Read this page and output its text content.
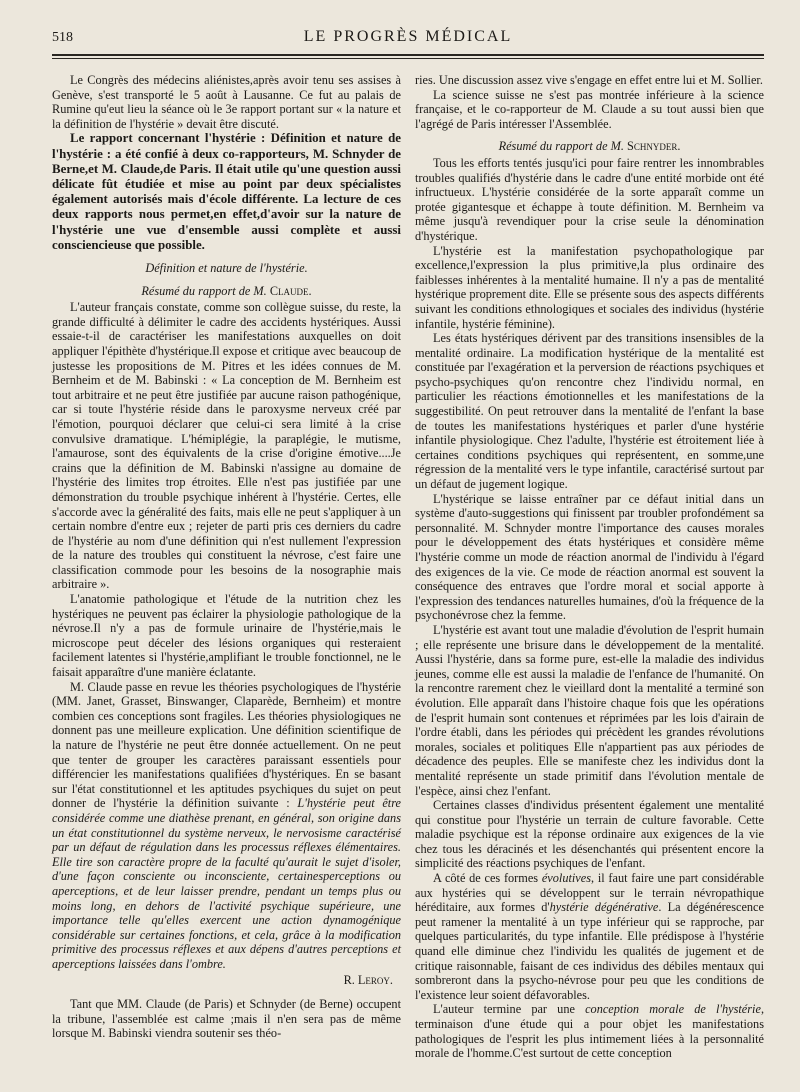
518	LE PROGRÈS MÉDICAL

Le Congrès des médecins aliénistes,après avoir tenu ses assises à Genève, s'est transporté le 5 août à Lausanne. Ce fut au palais de Rumine qu'eut lieu la séance où le 3e rapport portant sur « la nature et la définition de l'hystérie » devait être discuté.

Le rapport concernant l'hystérie : Définition et nature de l'hystérie : a été confié à deux co-rapporteurs, M. Schnyder de Berne,et M. Claude,de Paris. Il était utile qu'une question aussi délicate fût étudiée et mise au point par deux spécialistes également autorisés mais d'école différente. La lecture de ces deux rapports nous permet,en effet,d'avoir sur la nature de l'hystérie une vue d'ensemble aussi complète et aussi consciencieuse que possible.

Définition et nature de l'hystérie.
Résumé du rapport de M. Claude.

L'auteur français constate, comme son collègue suisse, du reste, la grande difficulté à délimiter le cadre des accidents hystériques. Aussi essaie-t-il de caractériser les manifestations auxquelles on doit appliquer l'épithète d'hystérique.Il expose et critique avec beaucoup de justesse les propositions de M. Pitres et les idées connues de M. Bernheim et de M. Babinski : « La conception de M. Bernheim est tout arbitraire et ne peut être justifiée par aucune raison pathogénique, car si toute l'hystérie réside dans le paroxysme nerveux créé par l'émotion, pourquoi déclarer que celui-ci sera limité à la crise convulsive dramatique. L'hémiplégie, la paraplégie, le mutisme, l'amaurose, sont des équivalents de la crise d'origine émotive....Je crains que la définition de M. Babinski n'assigne au domaine de l'hystérie des limites trop étroites. Elle n'est pas justifiée par une démonstration du trouble psychique inhérent à l'hystérie. Certes, elle s'accorde avec la généralité des faits, mais elle ne peut s'appliquer à un certain nombre d'entre eux ; rejeter de parti pris ces derniers du cadre de l'hystérie au nom d'une définition qui n'est nullement l'expression de la nature des troubles qui constituent la névrose, c'est faire une classification commode pour les besoins de la nosographie mais arbitraire ».

L'anatomie pathologique et l'étude de la nutrition chez les hystériques ne peuvent pas éclairer la physiologie pathologique de la névrose.Il n'y a pas de formule urinaire de l'hystérie,mais le microscope peut déceler des lésions organiques qui resteraient facilement latentes si l'hystérie,amplifiant le trouble fonctionnel, ne le faisait apparaître d'une manière éclatante.

M. Claude passe en revue les théories psychologiques de l'hystérie (MM. Janet, Grasset, Binswanger, Claparède, Bernheim) et montre combien ces conceptions sont fragiles. Les théories physiologiques ne donnent pas une meilleure explication. Une définition scientifique de la nature de l'hystérie ne peut être donnée actuellement. On ne peut que tenter de grouper les caractères paraissant essentiels pour différencier les manifestations qualifiées d'hystériques. En se basant sur l'état constitutionnel et les aptitudes psychiques du sujet on peut donner de l'hystérie la définition suivante : L'hystérie peut être considérée comme une diathèse prenant, en général, son origine dans un état constitutionnel du système nerveux, le nervosisme caractérisé par un défaut de régulation dans les processus réflexes élémentaires. Elle tire son caractère propre de la faculté qu'aurait le sujet d'isoler, d'une façon consciente ou inconsciente, certainesperceptions ou aperceptions, et de leur laisser prendre, pendant un temps plus ou moins long, en dehors de l'activité psychique supérieure, une importance telle qu'elles exercent une action dynamogénique considérable sur certaines fonctions, et cela, grâce à la modification primitive des processus réflexes et aux dépens d'autres perceptions et aperceptions laissées dans l'ombre.

R. Leroy.

Tant que MM. Claude (de Paris) et Schnyder (de Berne) occupent la tribune, l'assemblée est calme ;mais il n'en sera pas de même lorsque M. Babinski viendra soutenir ses théo-

ries. Une discussion assez vive s'engage en effet entre lui et M. Sollier.

La science suisse ne s'est pas montrée inférieure à la science française, et le co-rapporteur de M. Claude a su tout aussi bien que l'agrégé de Paris intéresser l'Assemblée.

Résumé du rapport de M. Schnyder.

Tous les efforts tentés jusqu'ici pour faire rentrer les innombrables troubles qualifiés d'hystérie dans le cadre d'une entité morbide ont été infructueux. L'hystérie considérée de la sorte apparaît comme un protée gigantesque et échappe à toute définition. M. Bernheim va même jusqu'à revendiquer pour la crise seule la dénomination d'hystérique.

L'hystérie est la manifestation psychopathologique par excellence,l'expression la plus primitive,la plus ordinaire des faiblesses inhérentes à la mentalité humaine. Il n'y a pas de mentalité hystérique proprement dite. Elle se présente sous des aspects différents suivant les conditions ethnologiques et sociales des individus (hystérie infantile, hystérie féminine).

Les états hystériques dérivent par des transitions insensibles de la mentalité ordinaire. La modification hystérique de la mentalité est constituée par l'exagération et la perversion de réactions psychiques et psycho-psychiques qu'on rencontre chez l'individu normal, en particulier les réactions émotionnelles et les manifestations de la suggestibilité. On peut retrouver dans la mentalité de l'enfant la base de toutes les manifestations hystériques et parler d'une hystérie infantile physiologique. Chez l'adulte, l'hystérie est étroitement liée à certaines conditions psychiques qui représentent, en somme,une régression de la mentalité vers le type infantile, caractérisé surtout par un défaut de jugement logique.

L'hystérique se laisse entraîner par ce défaut initial dans un système d'auto-suggestions qui finissent par troubler profondément sa personnalité. M. Schnyder montre l'importance des causes morales pour le développement des états hystériques et considère même l'hystérie comme un mode de réaction anormal de l'individu à l'égard des exigences de la vie. Ce mode de réaction anormal est souvent la conséquence des entraves que l'ordre moral et social apporte à l'expression des tendances naturelles humaines, d'où la fréquence de la psychonévrose chez la femme.

L'hystérie est avant tout une maladie d'évolution de l'esprit humain ; elle représente une brisure dans le développement de la mentalité. Aussi l'hystérie, dans sa forme pure, est-elle la maladie des individus jeunes, comme elle est aussi la maladie de l'enfance de l'humanité. On la rencontre rarement chez le vieillard dont la mentalité a terminé son évolution. Elle apparaît dans l'histoire chaque fois que les opérations de l'esprit humain sont contenues et réprimées par les lois d'airain de l'ordre établi, dans les périodes qui précèdent les grandes révolutions morales, sociales et politiques Elle n'appartient pas aux périodes de décadence des peuples. Elle se manifeste chez les individus dont la mentalité représente un stade primitif dans l'évolution mentale de l'espèce, ainsi chez l'enfant.

Certaines classes d'individus présentent également une mentalité qui constitue pour l'hystérie un terrain de culture favorable. Cette maladie psychique est la réponse ordinaire aux exigences de la vie chez tous les déracinés et les désenchantés qui présentent encore la simplicité des réactions psychiques de l'enfant.

A côté de ces formes évolutives, il faut faire une part considérable aux hystéries qui se développent sur le terrain névropathique héréditaire, aux formes d'hystérie dégénérative. La dégénérescence peut ramener la mentalité à un type inférieur qui se rapproche, par quelques particularités, du type infantile. Elle prédispose à l'hystérie quand elle diminue chez l'individu les qualités de jugement et de critique raisonnable, faisant de ces individus des débiles mentaux qui sombreront dans la psycho-névrose pour peu que les conditions de l'existence leur soient défavorables.

L'auteur termine par une conception morale de l'hystérie, terminaison d'une étude qui a pour objet les manifestations pathologiques de l'esprit les plus intimement liées à la personnalité morale de l'homme.C'est surtout de cette conception
